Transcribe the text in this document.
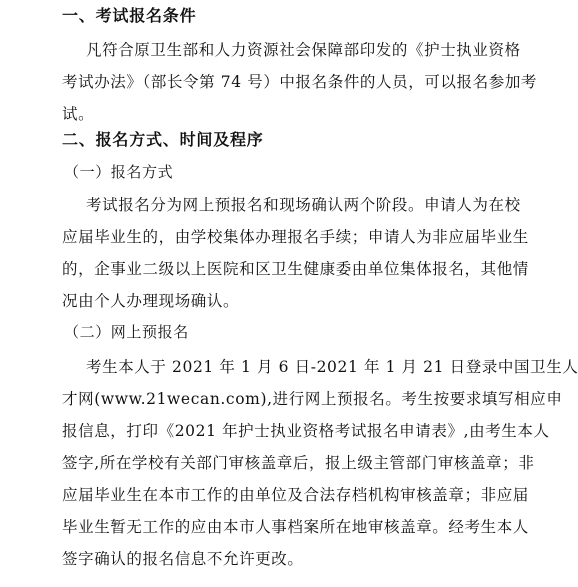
一、考试报名条件
凡符合原卫生部和人力资源社会保障部印发的《护士执业资格
考试办法》（部长令第 74 号）中报名条件的人员，可以报名参加考
试。
二、报名方式、时间及程序
（一）报名方式
考试报名分为网上预报名和现场确认两个阶段。申请人为在校
应届毕业生的，由学校集体办理报名手续；申请人为非应届毕业生
的，企事业二级以上医院和区卫生健康委由单位集体报名，其他情
况由个人办理现场确认。
（二）网上预报名
考生本人于 2021 年 1 月 6 日-2021 年 1 月 21 日登录中国卫生人
才网(www.21wecan.com),进行网上预报名。考生按要求填写相应申
报信息，打印《2021 年护士执业资格考试报名申请表》,由考生本人
签字,所在学校有关部门审核盖章后，报上级主管部门审核盖章；非
应届毕业生在本市工作的由单位及合法存档机构审核盖章；非应届
毕业生暂无工作的应由本市人事档案所在地审核盖章。经考生本人
签字确认的报名信息不允许更改。
